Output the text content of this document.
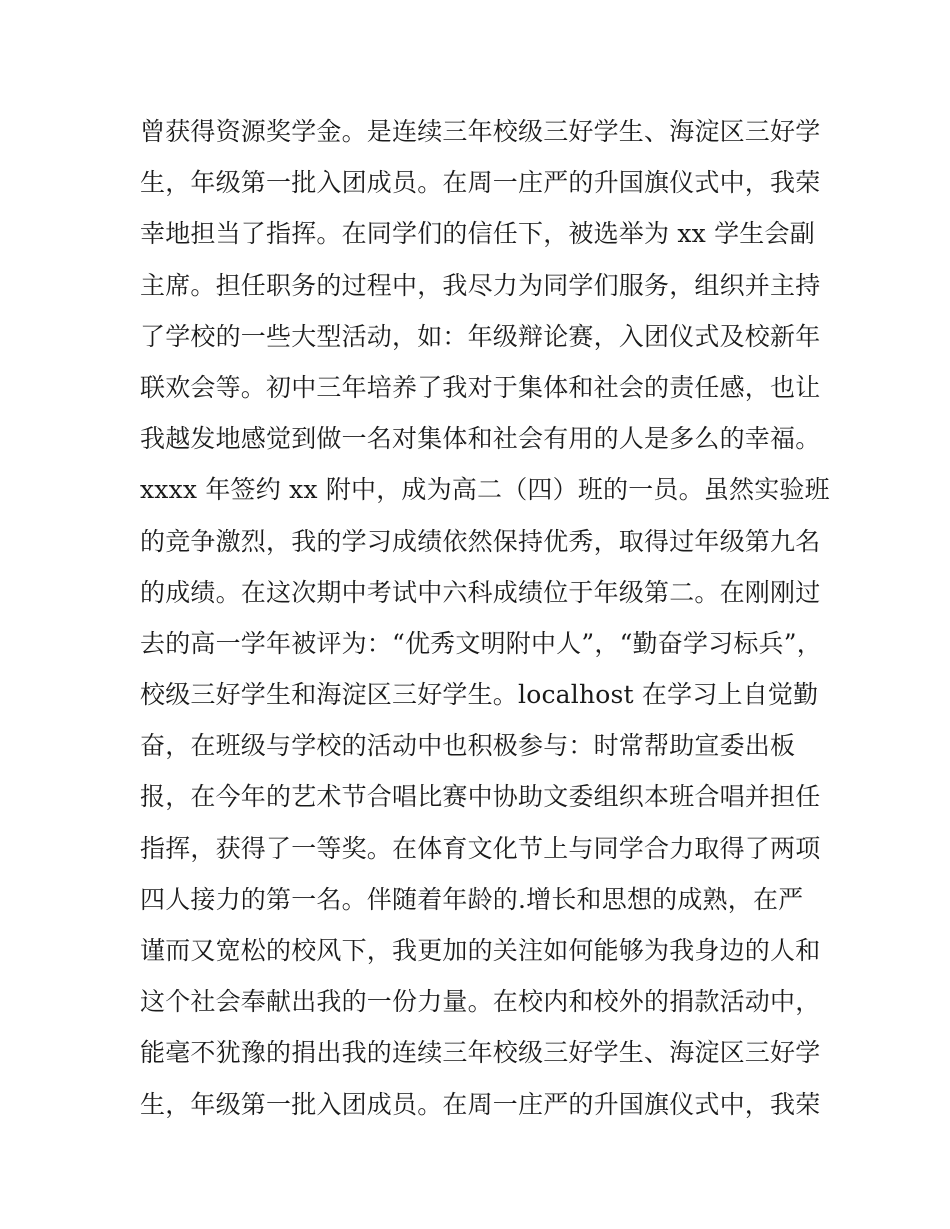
曾获得资源奖学金。是连续三年校级三好学生、海淀区三好学
生，年级第一批入团成员。在周一庄严的升国旗仪式中，我荣
幸地担当了指挥。在同学们的信任下，被选举为 xx 学生会副
主席。担任职务的过程中，我尽力为同学们服务，组织并主持
了学校的一些大型活动，如：年级辩论赛，入团仪式及校新年
联欢会等。初中三年培养了我对于集体和社会的责任感，也让
我越发地感觉到做一名对集体和社会有用的人是多么的幸福。
xxxx 年签约 xx 附中，成为高二（四）班的一员。虽然实验班
的竞争激烈，我的学习成绩依然保持优秀，取得过年级第九名
的成绩。在这次期中考试中六科成绩位于年级第二。在刚刚过
去的高一学年被评为：“优秀文明附中人”，“勤奋学习标兵”，
校级三好学生和海淀区三好学生。localhost 在学习上自觉勤
奋，在班级与学校的活动中也积极参与：时常帮助宣委出板
报，在今年的艺术节合唱比赛中协助文委组织本班合唱并担任
指挥，获得了一等奖。在体育文化节上与同学合力取得了两项
四人接力的第一名。伴随着年龄的.增长和思想的成熟，在严
谨而又宽松的校风下，我更加的关注如何能够为我身边的人和
这个社会奉献出我的一份力量。在校内和校外的捐款活动中，
能毫不犹豫的捐出我的连续三年校级三好学生、海淀区三好学
生，年级第一批入团成员。在周一庄严的升国旗仪式中，我荣
